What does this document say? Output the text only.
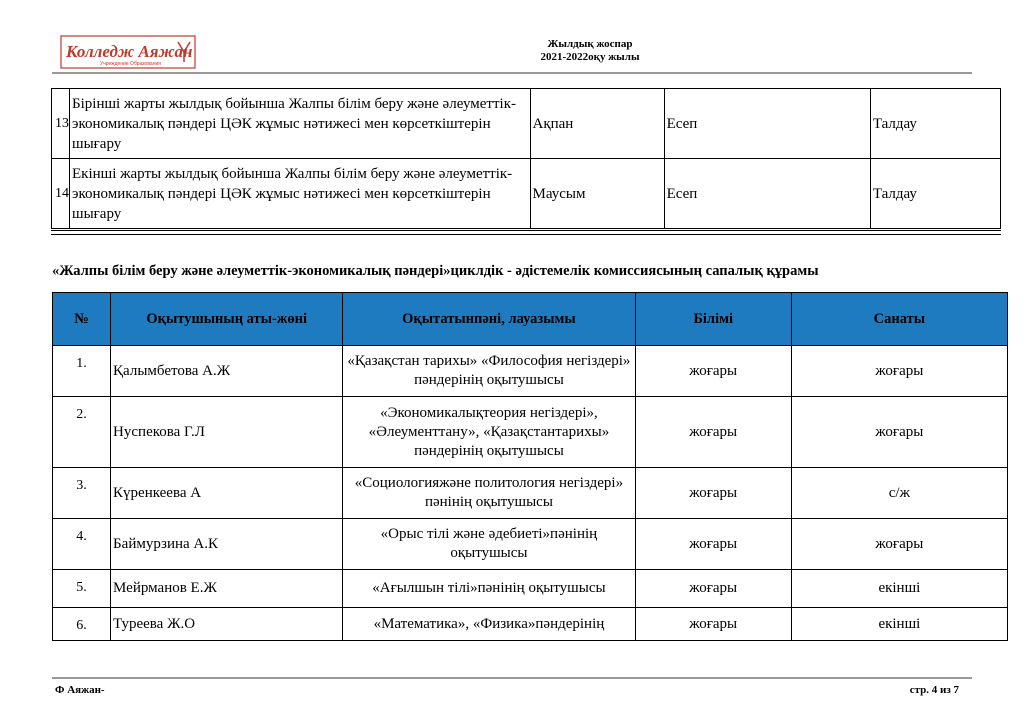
Колледж Аяжан
Учреждение Образования
Жылдық жоспар
2021-2022оқу жылы
13	Бірінші жарты жылдық бойынша Жалпы білім беру және әлеуметтік-экономикалық пәндері ЦӘК жұмыс нәтижесі мен көрсеткіштерін шығару	Ақпан	Есеп	Талдау
14	Екінші жарты жылдық бойынша Жалпы білім беру және әлеуметтік-экономикалық пәндері ЦӘК жұмыс нәтижесі мен көрсеткіштерін шығару	Маусым	Есеп	Талдау
«Жалпы білім беру және әлеуметтік-экономикалық пәндері»циклдік - әдістемелік комиссиясының сапалық құрамы
№	Оқытушының аты-жөні	Оқытатынпәні, лауазымы	Білімі	Санаты
1.	Қалымбетова А.Ж	«Қазақстан тарихы» «Философия негіздері» пәндерінің оқытушысы	жоғары	жоғары
2.	Нуспекова Г.Л	«Экономикалықтеория негіздері», «Әлеументтану», «Қазақстантарихы» пәндерінің оқытушысы	жоғары	жоғары
3.	Күренкеева А	«Социологияжәне политология негіздері» пәнінің оқытушысы	жоғары	с/ж
4.	Баймурзина А.К	«Орыс тілі және әдебиеті»пәнінің оқытушысы	жоғары	жоғары
5.	Мейрманов Е.Ж	«Ағылшын тілі»пәнінің оқытушысы	жоғары	екінші
6.	Туреева Ж.О	«Математика», «Физика»пәндерінің	жоғары	екінші
Ф Аяжан-	стр. 4 из 7
